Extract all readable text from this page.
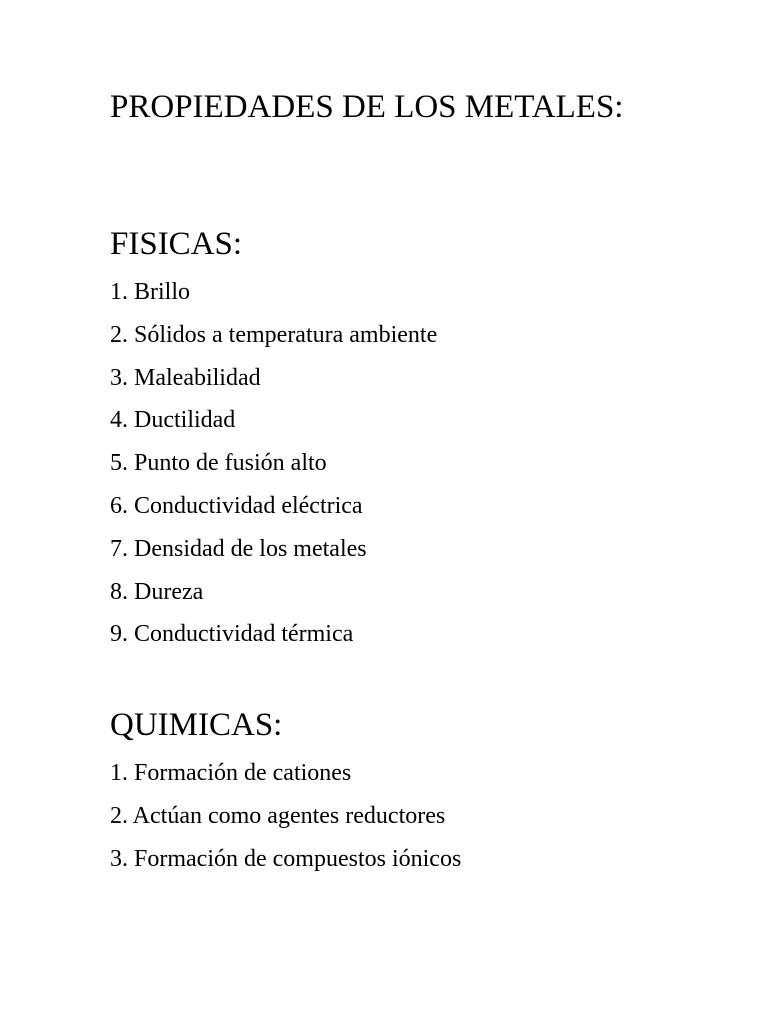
PROPIEDADES DE LOS METALES:
FISICAS:
1. Brillo
2. Sólidos a temperatura ambiente
3. Maleabilidad
4. Ductilidad
5. Punto de fusión alto
6. Conductividad eléctrica
7. Densidad de los metales
8. Dureza
9. Conductividad térmica
QUIMICAS:
1. Formación de cationes
2. Actúan como agentes reductores
3. Formación de compuestos iónicos
